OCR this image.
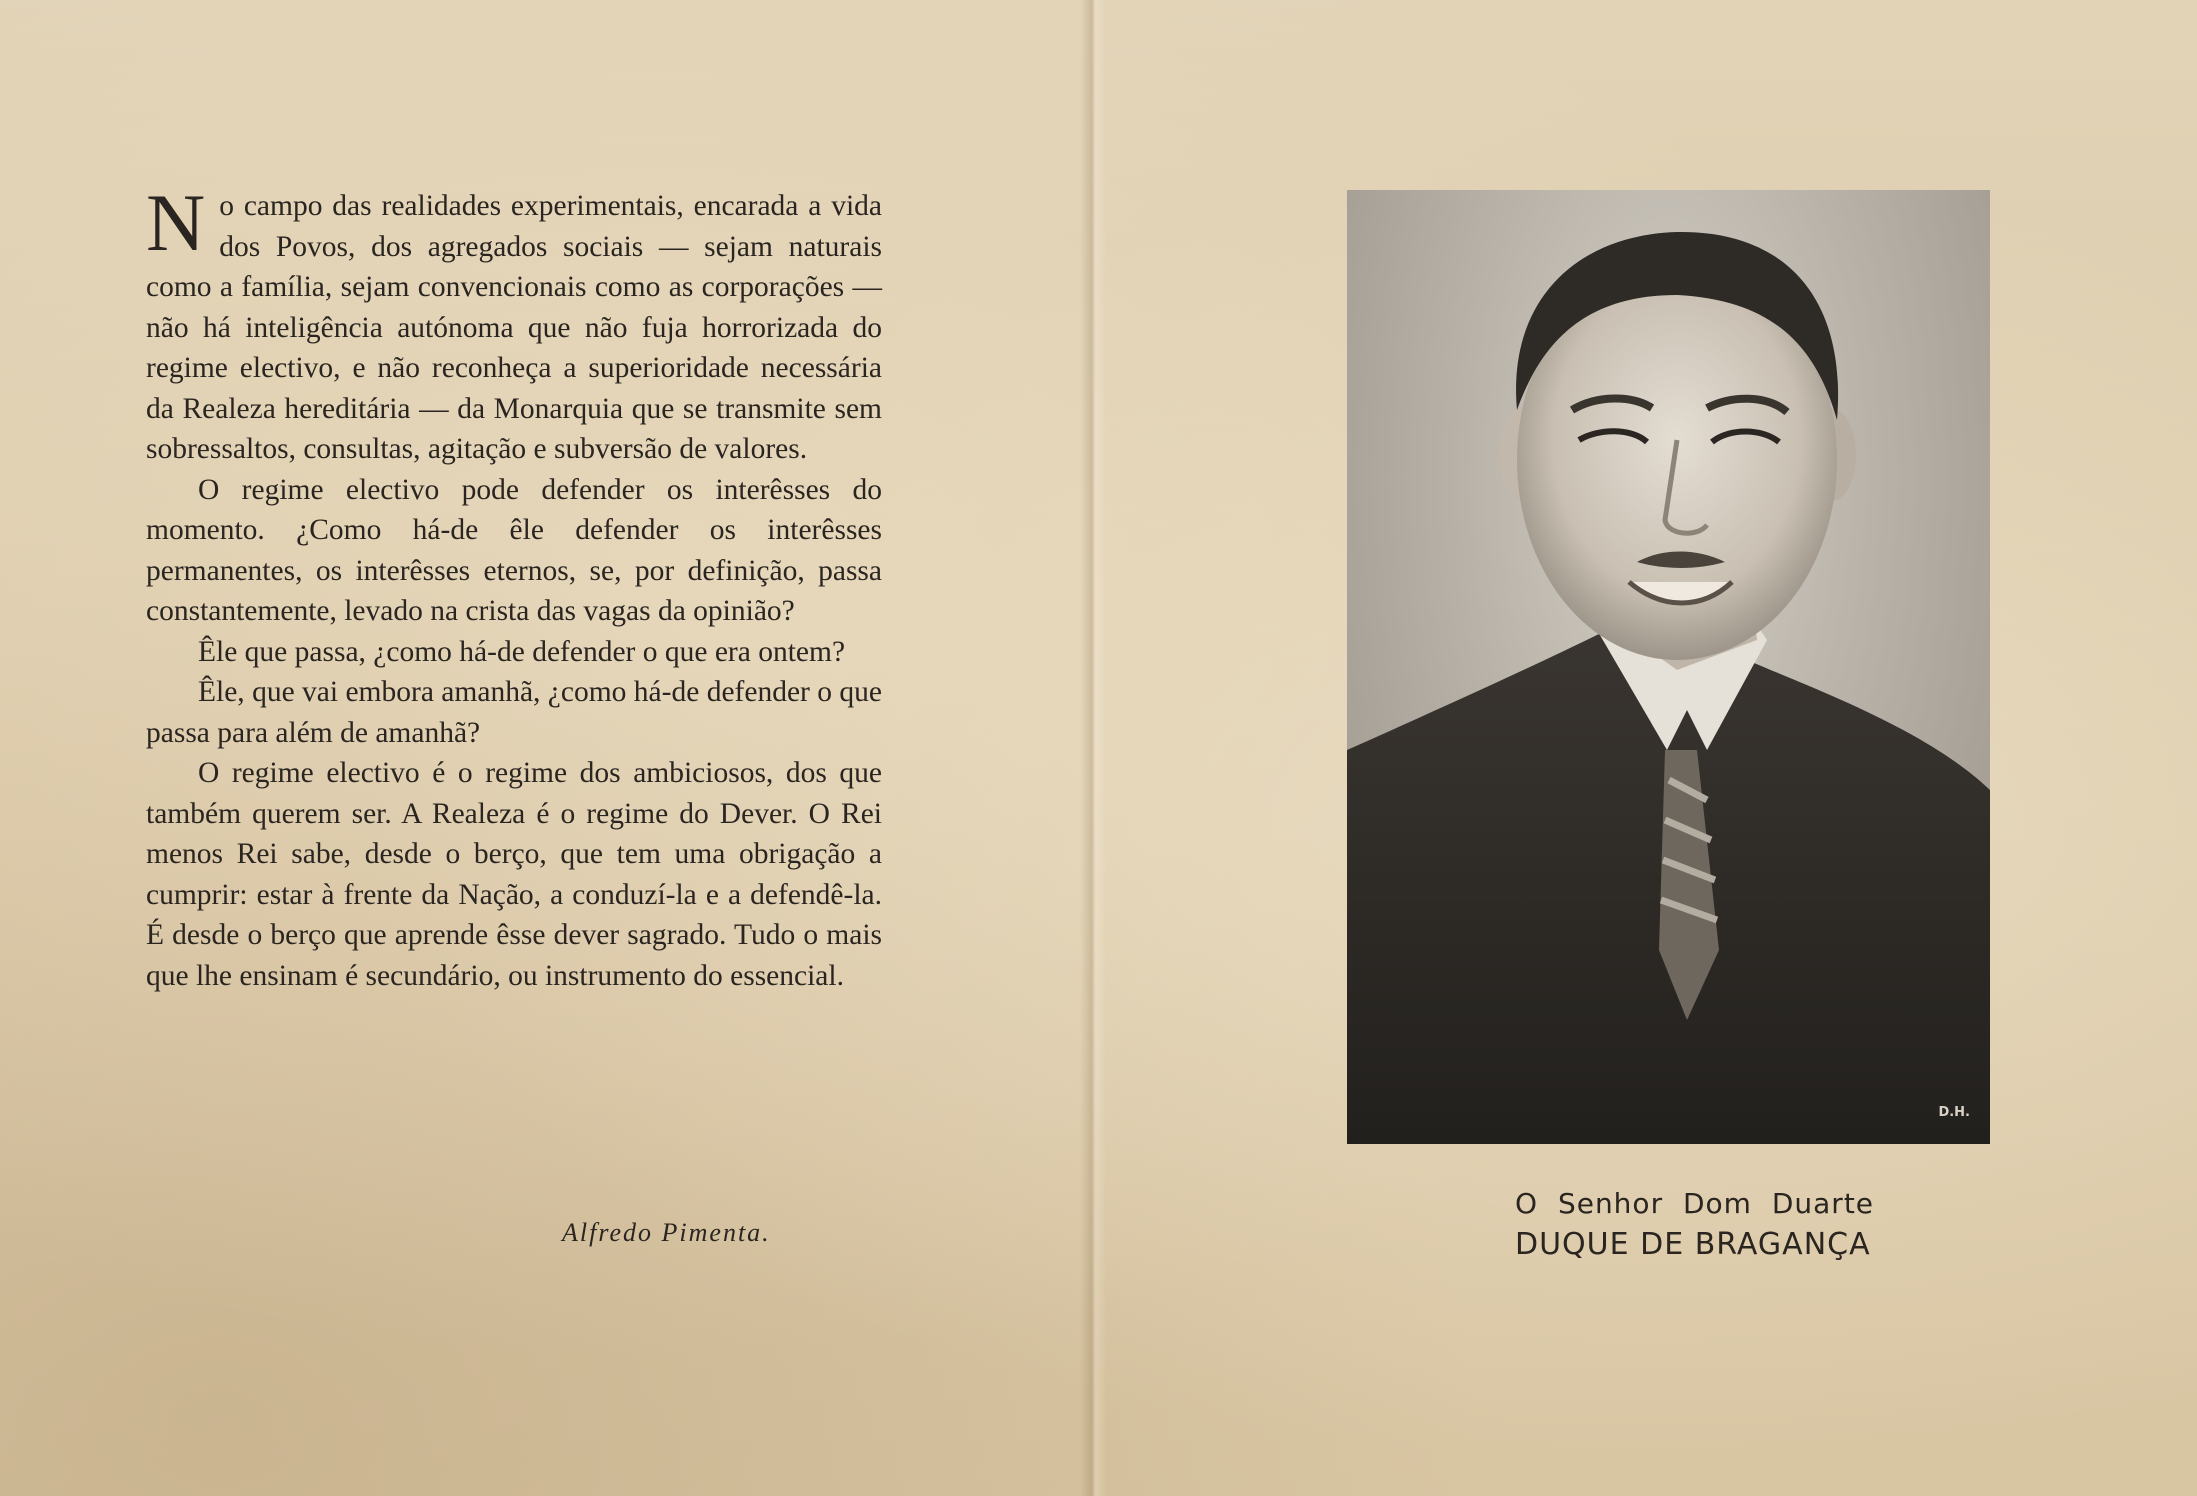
No campo das realidades experimentais, encarada a vida dos Povos, dos agregados sociais — sejam naturais como a família, sejam convencionais como as corporações — não há inteligência autónoma que não fuja horrorizada do regime electivo, e não reconheça a superioridade necessária da Realeza hereditária — da Monarquia que se transmite sem sobressaltos, consultas, agitação e subversão de valores.

O regime electivo pode defender os interêsses do momento. ¿Como há-de êle defender os interêsses permanentes, os interêsses eternos, se, por definição, passa constantemente, levado na crista das vagas da opinião?

Êle que passa, ¿como há-de defender o que era ontem?

Êle, que vai embora amanhã, ¿como há-de defender o que passa para além de amanhã?

O regime electivo é o regime dos ambiciosos, dos que também querem ser. A Realeza é o regime do Dever. O Rei menos Rei sabe, desde o berço, que tem uma obrigação a cumprir: estar à frente da Nação, a conduzí-la e a defendê-la. É desde o berço que aprende êsse dever sagrado. Tudo o mais que lhe ensinam é secundário, ou instrumento do essencial.

Alfredo Pimenta.
D.H.
O Senhor Dom Duarte
DUQUE DE BRAGANÇA
